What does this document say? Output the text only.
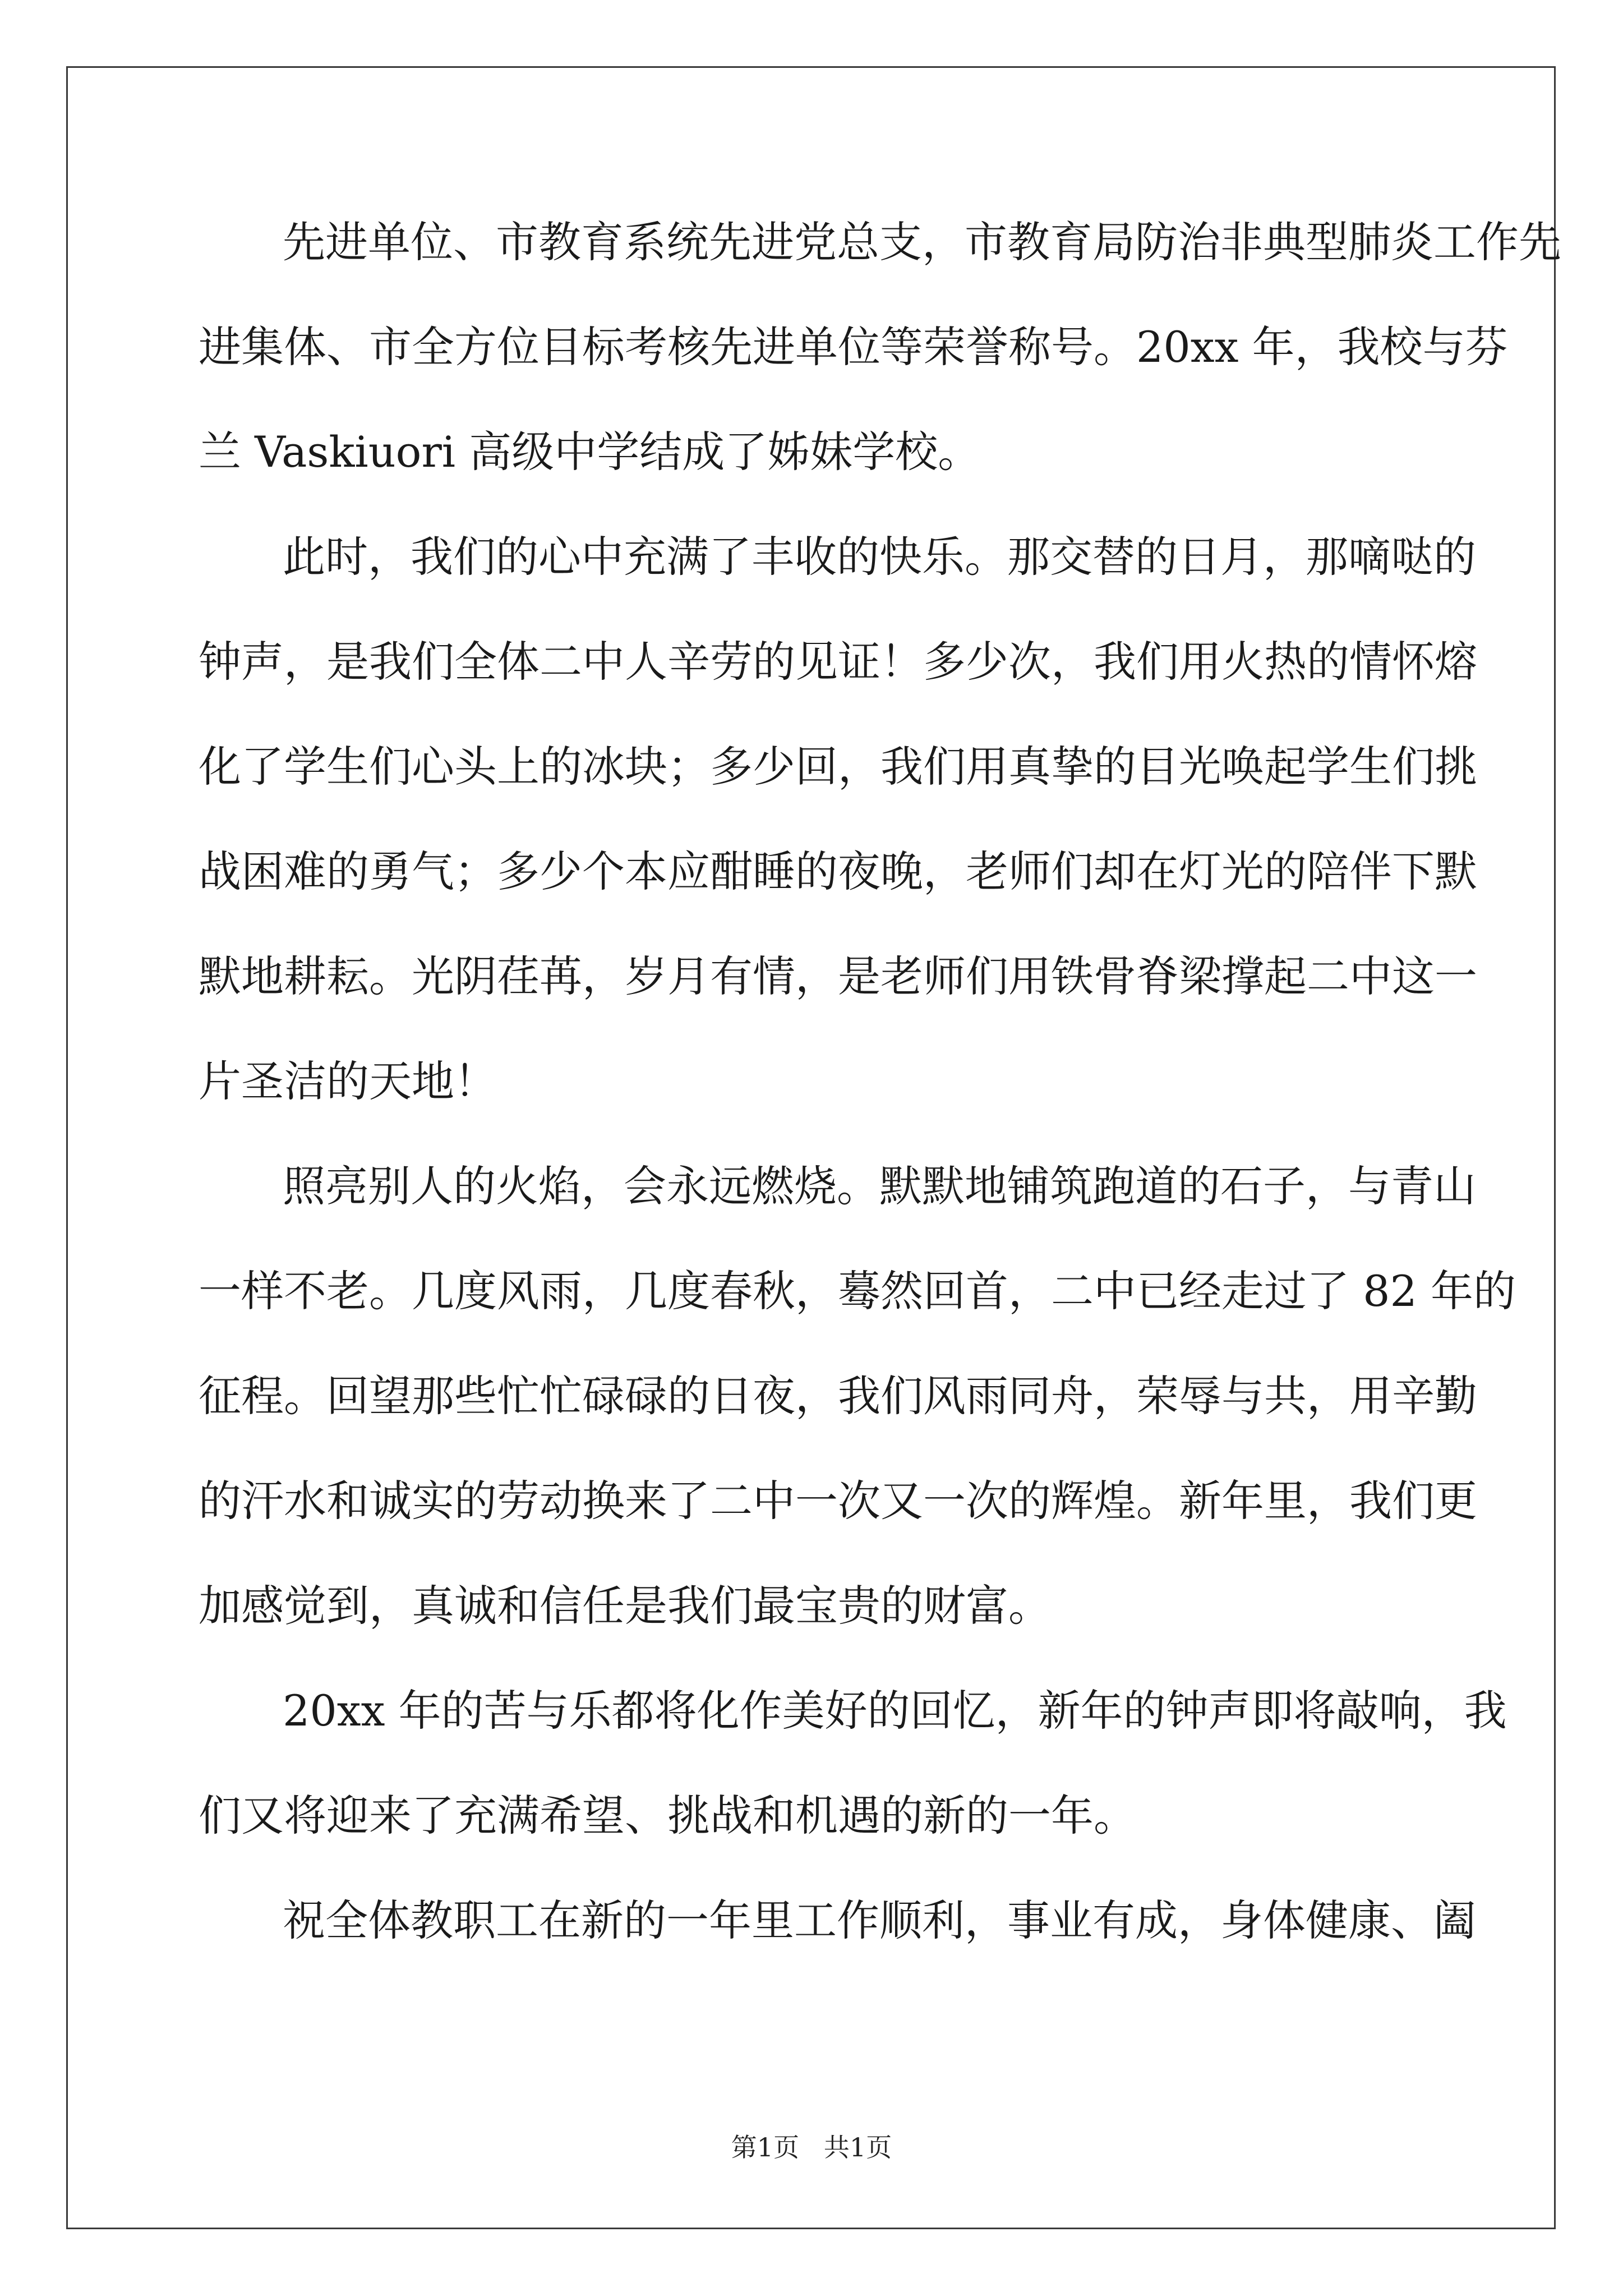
先进单位、市教育系统先进党总支，市教育局防治非典型肺炎工作先
进集体、市全方位目标考核先进单位等荣誉称号。20xx 年，我校与芬
兰 Vaskiuori 高级中学结成了姊妹学校。
此时，我们的心中充满了丰收的快乐。那交替的日月，那嘀哒的
钟声，是我们全体二中人辛劳的见证！多少次，我们用火热的情怀熔
化了学生们心头上的冰块；多少回，我们用真挚的目光唤起学生们挑
战困难的勇气；多少个本应酣睡的夜晚，老师们却在灯光的陪伴下默
默地耕耘。光阴荏苒，岁月有情，是老师们用铁骨脊梁撑起二中这一
片圣洁的天地！
照亮别人的火焰，会永远燃烧。默默地铺筑跑道的石子，与青山
一样不老。几度风雨，几度春秋，蓦然回首，二中已经走过了 82 年的
征程。回望那些忙忙碌碌的日夜，我们风雨同舟，荣辱与共，用辛勤
的汗水和诚实的劳动换来了二中一次又一次的辉煌。新年里，我们更
加感觉到，真诚和信任是我们最宝贵的财富。
20xx 年的苦与乐都将化作美好的回忆，新年的钟声即将敲响，我
们又将迎来了充满希望、挑战和机遇的新的一年。
祝全体教职工在新的一年里工作顺利，事业有成，身体健康、阖
第1页   共1页
